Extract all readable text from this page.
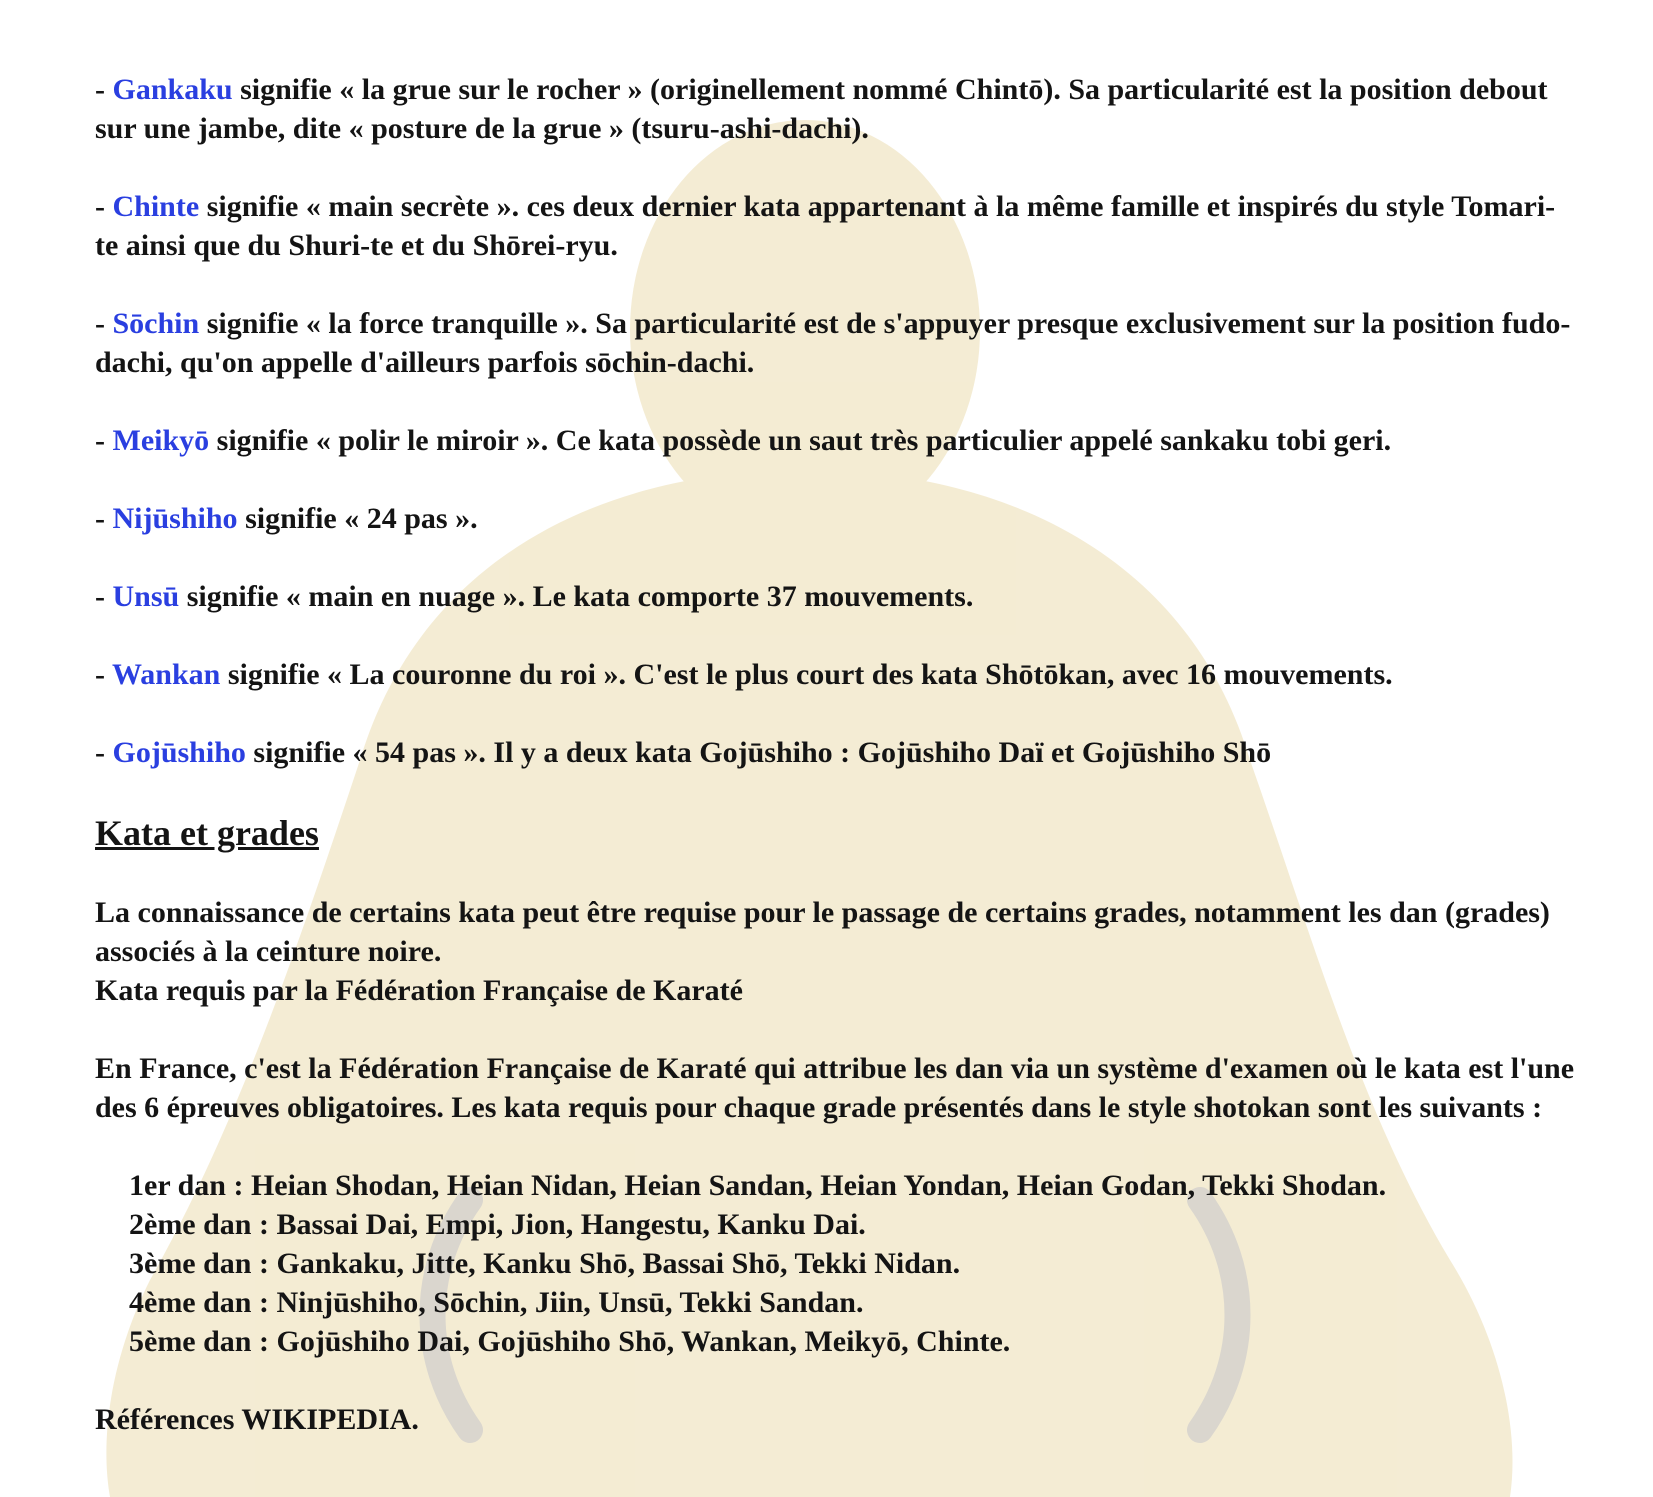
- Gankaku signifie « la grue sur le rocher » (originellement nommé Chintō). Sa particularité est la position debout sur une jambe, dite « posture de la grue » (tsuru-ashi-dachi).

- Chinte signifie « main secrète ». ces deux dernier kata appartenant à la même famille et inspirés du style Tomari-te ainsi que du Shuri-te et du Shōrei-ryu.

- Sōchin signifie « la force tranquille ». Sa particularité est de s'appuyer presque exclusivement sur la position fudo-dachi, qu'on appelle d'ailleurs parfois sōchin-dachi.

- Meikyō signifie « polir le miroir ». Ce kata possède un saut très particulier appelé sankaku tobi geri.

- Nijūshiho signifie « 24 pas ».

- Unsū signifie « main en nuage ». Le kata comporte 37 mouvements.

- Wankan signifie « La couronne du roi ». C'est le plus court des kata Shōtōkan, avec 16 mouvements.

- Gojūshiho signifie « 54 pas ». Il y a deux kata Gojūshiho : Gojūshiho Daï et Gojūshiho Shō

Kata et grades

La connaissance de certains kata peut être requise pour le passage de certains grades, notamment les dan (grades) associés à la ceinture noire.
Kata requis par la Fédération Française de Karaté

En France, c'est la Fédération Française de Karaté qui attribue les dan via un système d'examen où le kata est l'une des 6 épreuves obligatoires. Les kata requis pour chaque grade présentés dans le style shotokan sont les suivants :

1er dan : Heian Shodan, Heian Nidan, Heian Sandan, Heian Yondan, Heian Godan, Tekki Shodan.
2ème dan : Bassai Dai, Empi, Jion, Hangestu, Kanku Dai.
3ème dan : Gankaku, Jitte, Kanku Shō, Bassai Shō, Tekki Nidan.
4ème dan : Ninjūshiho, Sōchin, Jiin, Unsū, Tekki Sandan.
5ème dan : Gojūshiho Dai, Gojūshiho Shō, Wankan, Meikyō, Chinte.

Références WIKIPEDIA.
